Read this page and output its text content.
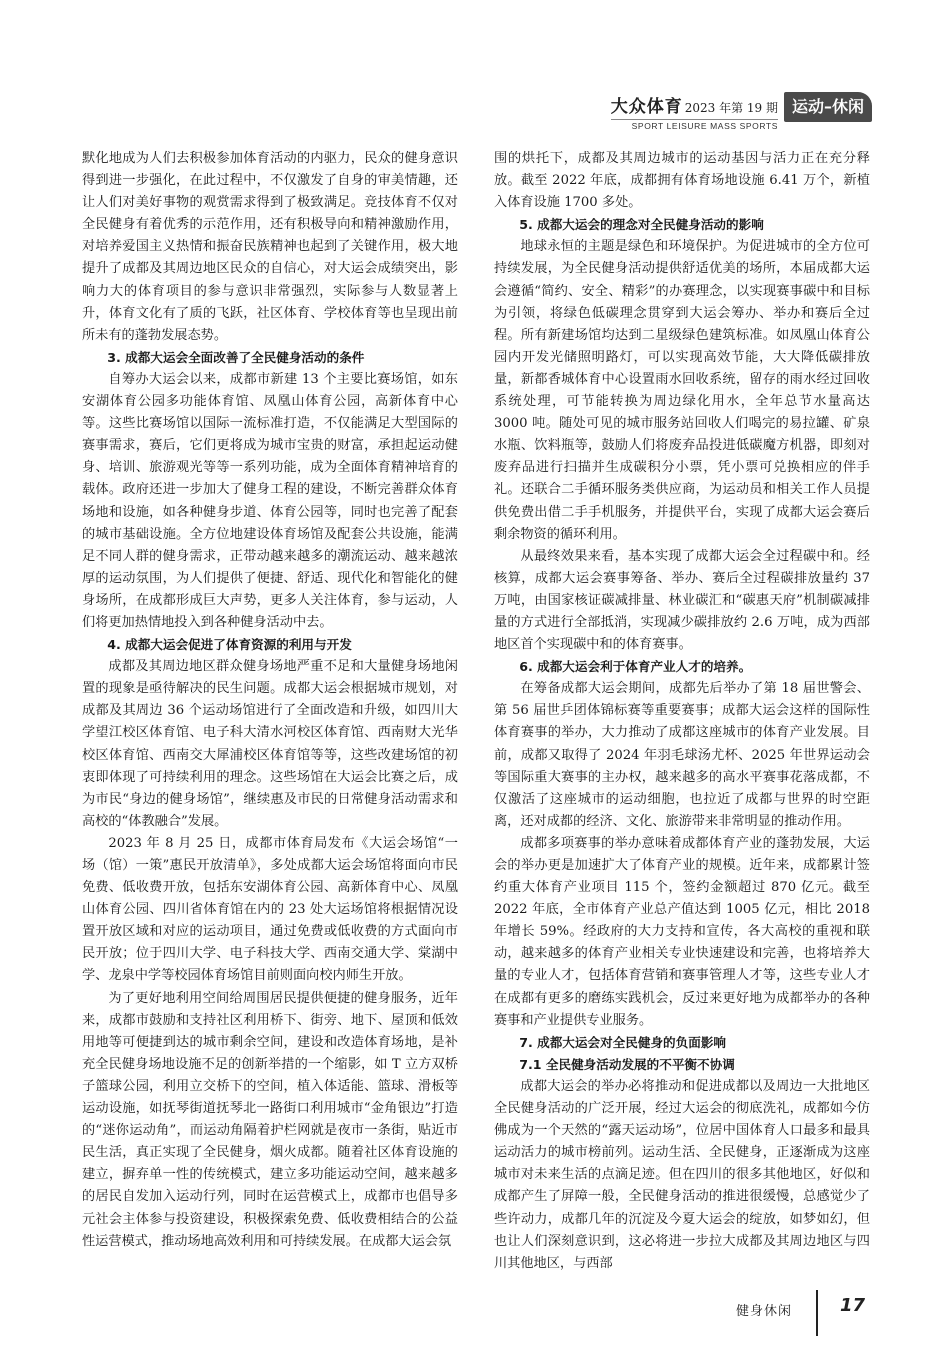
大众体育 2023 年第 19 期
SPORT LEISURE MASS SPORTS
运动–休闲

默化地成为人们去积极参加体育活动的内驱力，民众的健身意识得到进一步强化，在此过程中，不仅激发了自身的审美情趣，还让人们对美好事物的观赏需求得到了极致满足。竞技体育不仅对全民健身有着优秀的示范作用，还有积极导向和精神激励作用，对培养爱国主义热情和振奋民族精神也起到了关键作用，极大地提升了成都及其周边地区民众的自信心，对大运会成绩突出，影响力大的体育项目的参与意识非常强烈，实际参与人数显著上升，体育文化有了质的飞跃，社区体育、学校体育等也呈现出前所未有的蓬勃发展态势。

3. 成都大运会全面改善了全民健身活动的条件

自筹办大运会以来，成都市新建 13 个主要比赛场馆，如东安湖体育公园多功能体育馆、凤凰山体育公园，高新体育中心等。这些比赛场馆以国际一流标准打造，不仅能满足大型国际的赛事需求，赛后，它们更将成为城市宝贵的财富，承担起运动健身、培训、旅游观光等等一系列功能，成为全面体育精神培育的载体。政府还进一步加大了健身工程的建设，不断完善群众体育场地和设施，如各种健身步道、体育公园等，同时也完善了配套的城市基础设施。全方位地建设体育场馆及配套公共设施，能满足不同人群的健身需求，正带动越来越多的潮流运动、越来越浓厚的运动氛围，为人们提供了便捷、舒适、现代化和智能化的健身场所，在成都形成巨大声势，更多人关注体育，参与运动，人们将更加热情地投入到各种健身活动中去。

4. 成都大运会促进了体育资源的利用与开发

成都及其周边地区群众健身场地严重不足和大量健身场地闲置的现象是亟待解决的民生问题。成都大运会根据城市规划，对成都及其周边 36 个运动场馆进行了全面改造和升级，如四川大学望江校区体育馆、电子科大清水河校区体育馆、西南财大光华校区体育馆、西南交大犀浦校区体育馆等等，这些改建场馆的初衷即体现了可持续利用的理念。这些场馆在大运会比赛之后，成为市民“身边的健身场馆”，继续惠及市民的日常健身活动需求和高校的“体教融合”发展。

2023 年 8 月 25 日，成都市体育局发布《大运会场馆“一场（馆）一策”惠民开放清单》，多处成都大运会场馆将面向市民免费、低收费开放，包括东安湖体育公园、高新体育中心、凤凰山体育公园、四川省体育馆在内的 23 处大运场馆将根据情况设置开放区域和对应的运动项目，通过免费或低收费的方式面向市民开放；位于四川大学、电子科技大学、西南交通大学、棠湖中学、龙泉中学等校园体育场馆目前则面向校内师生开放。

为了更好地利用空间给周围居民提供便捷的健身服务，近年来，成都市鼓励和支持社区利用桥下、街旁、地下、屋顶和低效用地等可便捷到达的城市剩余空间，建设和改造体育场地，是补充全民健身场地设施不足的创新举措的一个缩影，如 T 立方双桥子篮球公园，利用立交桥下的空间，植入体适能、篮球、滑板等运动设施，如抚琴街道抚琴北一路街口利用城市“金角银边”打造的“迷你运动角”，而运动角隔着护栏网就是夜市一条街，贴近市民生活，真正实现了全民健身，烟火成都。随着社区体育设施的建立，摒弃单一性的传统模式，建立多功能运动空间，越来越多的居民自发加入运动行列，同时在运营模式上，成都市也倡导多元社会主体参与投资建设，积极探索免费、低收费相结合的公益性运营模式，推动场地高效利用和可持续发展。在成都大运会氛

围的烘托下，成都及其周边城市的运动基因与活力正在充分释放。截至 2022 年底，成都拥有体育场地设施 6.41 万个，新植入体育设施 1700 多处。

5. 成都大运会的理念对全民健身活动的影响

地球永恒的主题是绿色和环境保护。为促进城市的全方位可持续发展，为全民健身活动提供舒适优美的场所，本届成都大运会遵循“简约、安全、精彩”的办赛理念，以实现赛事碳中和目标为引领，将绿色低碳理念贯穿到大运会筹办、举办和赛后全过程。所有新建场馆均达到二星级绿色建筑标准。如凤凰山体育公园内开发光储照明路灯，可以实现高效节能，大大降低碳排放量，新都香城体育中心设置雨水回收系统，留存的雨水经过回收系统处理，可节能转换为周边绿化用水，全年总节水量高达 3000 吨。随处可见的城市服务站回收人们喝完的易拉罐、矿泉水瓶、饮料瓶等，鼓励人们将废弃品投进低碳魔方机器，即刻对废弃品进行扫描并生成碳积分小票，凭小票可兑换相应的伴手礼。还联合二手循环服务类供应商，为运动员和相关工作人员提供免费出借二手手机服务，并提供平台，实现了成都大运会赛后剩余物资的循环利用。

从最终效果来看，基本实现了成都大运会全过程碳中和。经核算，成都大运会赛事筹备、举办、赛后全过程碳排放量约 37 万吨，由国家核证碳减排量、林业碳汇和“碳惠天府”机制碳减排量的方式进行全部抵消，实现减少碳排放约 2.6 万吨，成为西部地区首个实现碳中和的体育赛事。

6. 成都大运会利于体育产业人才的培养。

在筹备成都大运会期间，成都先后举办了第 18 届世警会、第 56 届世乒团体锦标赛等重要赛事；成都大运会这样的国际性体育赛事的举办，大力推动了成都这座城市的体育产业发展。目前，成都又取得了 2024 年羽毛球汤尤杯、2025 年世界运动会等国际重大赛事的主办权，越来越多的高水平赛事花落成都，不仅激活了这座城市的运动细胞，也拉近了成都与世界的时空距离，还对成都的经济、文化、旅游带来非常明显的推动作用。

成都多项赛事的举办意味着成都体育产业的蓬勃发展，大运会的举办更是加速扩大了体育产业的规模。近年来，成都累计签约重大体育产业项目 115 个，签约金额超过 870 亿元。截至 2022 年底，全市体育产业总产值达到 1005 亿元，相比 2018 年增长 59%。经政府的大力支持和宣传，各大高校的重视和联动，越来越多的体育产业相关专业快速建设和完善，也将培养大量的专业人才，包括体育营销和赛事管理人才等，这些专业人才在成都有更多的磨练实践机会，反过来更好地为成都举办的各种赛事和产业提供专业服务。

7. 成都大运会对全民健身的负面影响
7.1 全民健身活动发展的不平衡不协调

成都大运会的举办必将推动和促进成都以及周边一大批地区全民健身活动的广泛开展，经过大运会的彻底洗礼，成都如今仿佛成为一个天然的“露天运动场”，位居中国体育人口最多和最具运动活力的城市榜前列。运动生活、全民健身，正逐渐成为这座城市对未来生活的点滴足迹。但在四川的很多其他地区，好似和成都产生了屏障一般，全民健身活动的推进很缓慢，总感觉少了些许动力，成都几年的沉淀及今夏大运会的绽放，如梦如幻，但也让人们深刻意识到，这必将进一步拉大成都及其周边地区与四川其他地区，与西部

健身休闲	17
